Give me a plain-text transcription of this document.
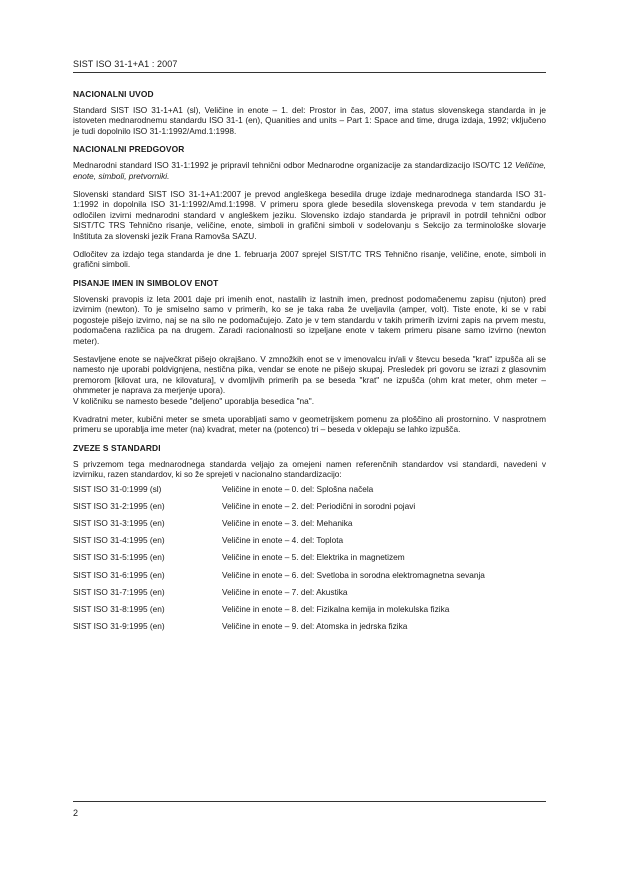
SIST ISO 31-1+A1 : 2007
NACIONALNI UVOD
Standard SIST ISO 31-1+A1 (sl), Veličine in enote – 1. del: Prostor in čas, 2007, ima status slovenskega standarda in je istoveten mednarodnemu standardu ISO 31-1 (en), Quanities and units – Part 1: Space and time, druga izdaja, 1992; vključeno je tudi dopolnilo ISO 31-1:1992/Amd.1:1998.
NACIONALNI PREDGOVOR
Mednarodni standard ISO 31-1:1992 je pripravil tehnični odbor Mednarodne organizacije za standardizacijo ISO/TC 12 Veličine, enote, simboli, pretvorniki.
Slovenski standard SIST ISO 31-1+A1:2007 je prevod angleškega besedila druge izdaje mednarodnega standarda ISO 31-1:1992 in dopolnila ISO 31-1:1992/Amd.1:1998. V primeru spora glede besedila slovenskega prevoda v tem standardu je odločilen izvirni mednarodni standard v angleškem jeziku. Slovensko izdajo standarda je pripravil in potrdil tehnični odbor SIST/TC TRS Tehnično risanje, veličine, enote, simboli in grafični simboli v sodelovanju s Sekcijo za terminološke slovarje Inštituta za slovenski jezik Frana Ramovša SAZU.
Odločitev za izdajo tega standarda je dne 1. februarja 2007 sprejel SIST/TC TRS Tehnično risanje, veličine, enote, simboli in grafični simboli.
PISANJE IMEN IN SIMBOLOV ENOT
Slovenski pravopis iz leta 2001 daje pri imenih enot, nastalih iz lastnih imen, prednost podomačenemu zapisu (njuton) pred izvirnim (newton). To je smiselno samo v primerih, ko se je taka raba že uveljavila (amper, volt). Tiste enote, ki se v rabi pogosteje pišejo izvirno, naj se na silo ne podomačujejo. Zato je v tem standardu v takih primerih izvirni zapis na prvem mestu, podomačena različica pa na drugem. Zaradi racionalnosti so izpeljane enote v takem primeru pisane samo izvirno (newton meter).
Sestavljene enote se največkrat pišejo okrajšano. V zmnožkih enot se v imenovalcu in/ali v števcu beseda "krat" izpušča ali se namesto nje uporabi poldvignjena, nestična pika, vendar se enote ne pišejo skupaj. Presledek pri govoru se izrazi z glasovnim premorom [kilovat ura, ne kilovatura], v dvomljivih primerih pa se beseda "krat" ne izpušča (ohm krat meter, ohm meter – ohmmeter je naprava za merjenje upora).
V količniku se namesto besede "deljeno" uporablja besedica "na".
Kvadratni meter, kubični meter se smeta uporabljati samo v geometrijskem pomenu za ploščino ali prostornino. V nasprotnem primeru se uporablja ime meter (na) kvadrat, meter na (potenco) tri – beseda v oklepaju se lahko izpušča.
ZVEZE S STANDARDI
S privzemom tega mednarodnega standarda veljajo za omejeni namen referenčnih standardov vsi standardi, navedeni v izvirniku, razen standardov, ki so že sprejeti v nacionalno standardizacijo:
SIST ISO 31-0:1999 (sl)	Veličine in enote – 0. del: Splošna načela
SIST ISO 31-2:1995 (en)	Veličine in enote – 2. del: Periodični in sorodni pojavi
SIST ISO 31-3:1995 (en)	Veličine in enote – 3. del: Mehanika
SIST ISO 31-4:1995 (en)	Veličine in enote – 4. del: Toplota
SIST ISO 31-5:1995 (en)	Veličine in enote – 5. del: Elektrika in magnetizem
SIST ISO 31-6:1995 (en)	Veličine in enote – 6. del: Svetloba in sorodna elektromagnetna sevanja
SIST ISO 31-7:1995 (en)	Veličine in enote – 7. del: Akustika
SIST ISO 31-8:1995 (en)	Veličine in enote – 8. del: Fizikalna kemija in molekulska fizika
SIST ISO 31-9:1995 (en)	Veličine in enote – 9. del: Atomska in jedrska fizika
2
